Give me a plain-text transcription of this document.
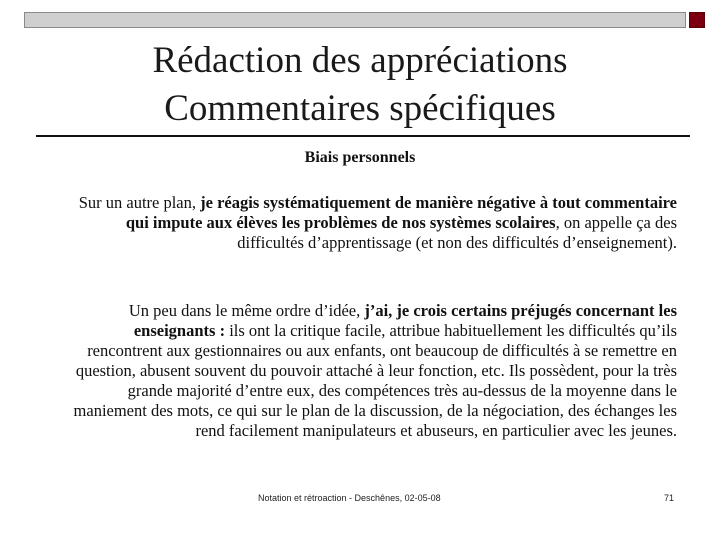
Rédaction des appréciations
Commentaires spécifiques
Biais personnels
Sur un autre plan, je réagis systématiquement de manière négative à tout commentaire qui impute aux élèves les problèmes de nos systèmes scolaires, on appelle ça des difficultés d’apprentissage (et non des difficultés d’enseignement).
Un peu dans le même ordre d’idée, j’ai, je crois certains préjugés concernant les enseignants : ils ont la critique facile, attribue habituellement les difficultés qu’ils rencontrent aux gestionnaires ou aux enfants, ont beaucoup de difficultés à se remettre en question, abusent souvent du pouvoir attaché à leur fonction, etc. Ils possèdent, pour la très grande majorité d’entre eux, des compétences très au-dessus de la moyenne dans le maniement des mots, ce qui sur le plan de la discussion, de la négociation, des échanges les rend facilement manipulateurs et abuseurs, en particulier avec les jeunes.
Notation et rétroaction - Deschênes, 02-05-08	71
